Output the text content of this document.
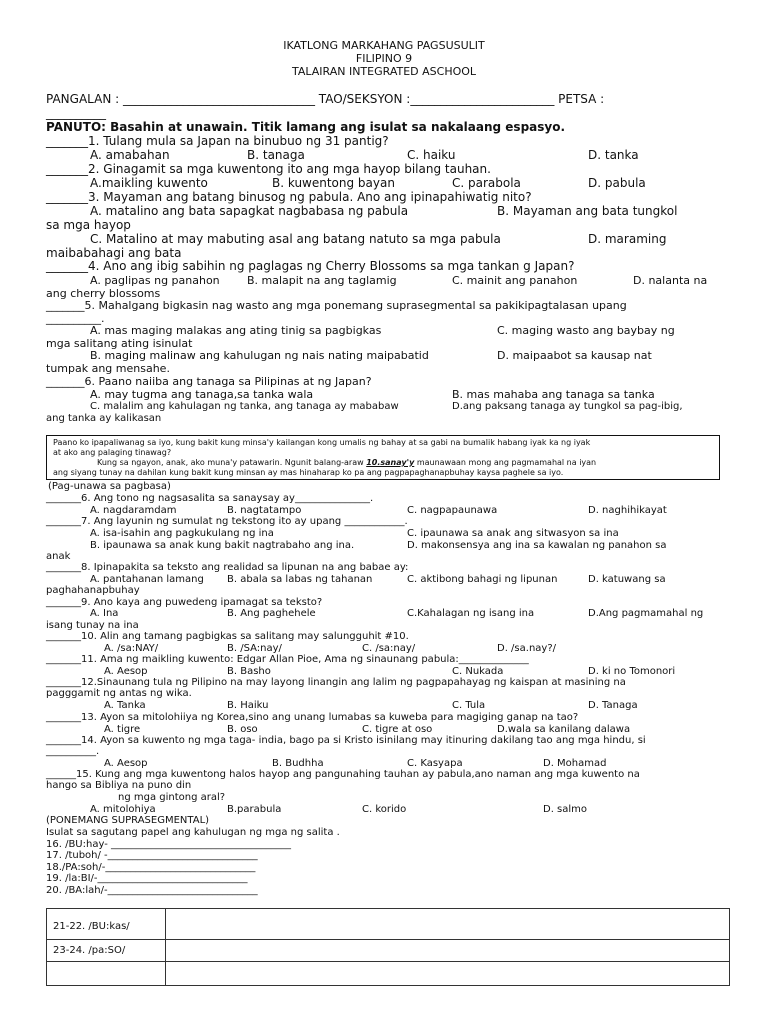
IKATLONG MARKAHANG PAGSUSULIT
FILIPINO 9
TALAIRAN INTEGRATED ASCHOOL
PANGALAN : ________________________________ TAO/SEKSYON :________________________ PETSA :
__________
PANUTO: Basahin at unawain. Titik lamang ang isulat sa nakalaang espasyo.
_______1. Tulang mula sa Japan na binubuo ng 31 pantig?
A. amabahan	B. tanaga	C. haiku	D. tanka
_______2. Ginagamit sa mga kuwentong ito ang mga hayop bilang tauhan.
A.maikling kuwento	B. kuwentong bayan	C. parabola	D. pabula
_______3. Mayaman ang batang binusog ng pabula. Ano ang ipinapahiwatig nito?
A. matalino ang bata sapagkat nagbabasa ng pabula	B. Mayaman ang bata tungkol
sa mga hayop
C. Matalino at may mabuting asal ang batang natuto sa mga pabula	D. maraming
maibabahagi ang bata
_______4. Ano ang ibig sabihin ng paglagas ng Cherry Blossoms sa mga tankan g Japan?
A. paglipas ng panahon B. malapit na ang taglamig	C. mainit ang panahon	D. nalanta na
ang cherry blossoms
_______5. Mahalgang bigkasin nag wasto ang mga ponemang suprasegmental sa pakikipagtalasan upang
__________.
A. mas maging malakas ang ating tinig sa pagbigkas	C. maging wasto ang baybay ng
mga salitang ating isinulat
B. maging malinaw ang kahulugan ng nais nating maipabatid	D. maipaabot sa kausap nat
tumpak ang mensahe.
_______6. Paano naiiba ang tanaga sa Pilipinas at ng Japan?
A. may tugma ang tanaga,sa tanka wala	B. mas mahaba ang tanaga sa tanka
C. malalim ang kahulagan ng tanka, ang tanaga ay mababaw	D.ang paksang tanaga ay tungkol sa pag-ibig,
ang tanka ay kalikasan
Paano ko ipapaliwanag sa iyo, kung bakit kung minsa'y kailangan kong umalis ng bahay at sa gabi na bumalik habang iyak ka ng iyak
at ako ang palaging tinawag?
Kung sa ngayon, anak, ako muna'y patawarin. Ngunit balang-araw 10.sanay'y maunawaan mong ang pagmamahal na iyan
ang siyang tunay na dahilan kung bakit kung minsan ay mas hinaharap ko pa ang pagpapaghanapbuhay kaysa paghele sa iyo.
(Pag-unawa sa pagbasa)
_______6. Ang tono ng nagsasalita sa sanaysay ay_______________.
A. nagdaramdam	B. nagtatampo	C. nagpapaunawa	D. naghihikayat
_______7. Ang layunin ng sumulat ng tekstong ito ay upang ____________.
A. isa-isahin ang pagkukulang ng ina	C. ipaunawa sa anak ang sitwasyon sa ina
B. ipaunawa sa anak kung bakit nagtrabaho ang ina.	D. makonsensya ang ina sa kawalan ng panahon sa
anak
_______8. Ipinapakita sa teksto ang realidad sa lipunan na ang babae ay:
A. pantahanan lamang B. abala sa labas ng tahanan	C. aktibong bahagi ng lipunan	D. katuwang sa
paghahanapbuhay
_______9. Ano kaya ang puwedeng ipamagat sa teksto?
A. Ina	B. Ang paghehele	C.Kahalagan ng isang ina	D.Ang pagmamahal ng
isang tunay na ina
_______10. Alin ang tamang pagbigkas sa salitang may salungguhit #10.
A. /sa:NAY/	B. /SA:nay/	C. /sa:nay/	D. /sa.nay?/
_______11. Ama ng maikling kuwento: Edgar Allan Pioe, Ama ng sinaunang pabula:______________
A. Aesop	B. Basho	C. Nukada	D. ki no Tomonori
_______12.Sinaunang tula ng Pilipino na may layong linangin ang lalim ng pagpapahayag ng kaispan at masining na
pagggamit ng antas ng wika.
A. Tanka	B. Haiku	C. Tula	D. Tanaga
_______13. Ayon sa mitolohiiya ng Korea,sino ang unang lumabas sa kuweba para magiging ganap na tao?
A. tigre	B. oso	C. tigre at oso	D.wala sa kanilang dalawa
_______14. Ayon sa kuwento ng mga taga- india, bago pa si Kristo isinilang may itinuring dakilang tao ang mga hindu, si
__________.
A. Aesop	B. Budhha	C. Kasyapa	D. Mohamad
______15. Kung ang mga kuwentong halos hayop ang pangunahing tauhan ay pabula,ano naman ang mga kuwento na
hango sa Bibliya na puno din
ng mga gintong aral?
A. mitolohiya	B.parabula	C. korido	D. salmo
(PONEMANG SUPRASEGMENTAL)
Isulat sa sagutang papel ang kahulugan ng mga ng salita .
16. /BU:hay- ____________________________________
17. /tuboh/ -______________________________
18./PA:soh/-______________________________
19. /la:BI/-______________________________
20. /BA:lah/-______________________________
21-22. /BU:kas/
23-24. /pa:SO/
